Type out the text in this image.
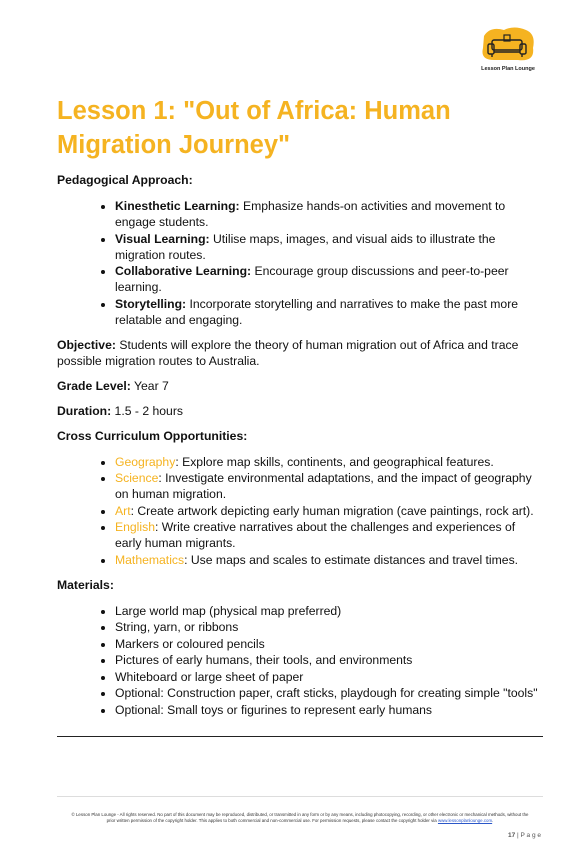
Lesson Plan Lounge
Lesson 1: "Out of Africa: Human Migration Journey"

Pedagogical Approach:

• Kinesthetic Learning: Emphasize hands-on activities and movement to engage students.
• Visual Learning: Utilise maps, images, and visual aids to illustrate the migration routes.
• Collaborative Learning: Encourage group discussions and peer-to-peer learning.
• Storytelling: Incorporate storytelling and narratives to make the past more relatable and engaging.

Objective: Students will explore the theory of human migration out of Africa and trace possible migration routes to Australia.

Grade Level: Year 7

Duration: 1.5 - 2 hours

Cross Curriculum Opportunities:

• Geography: Explore map skills, continents, and geographical features.
• Science: Investigate environmental adaptations, and the impact of geography on human migration.
• Art: Create artwork depicting early human migration (cave paintings, rock art).
• English: Write creative narratives about the challenges and experiences of early human migrants.
• Mathematics: Use maps and scales to estimate distances and travel times.

Materials:

• Large world map (physical map preferred)
• String, yarn, or ribbons
• Markers or coloured pencils
• Pictures of early humans, their tools, and environments
• Whiteboard or large sheet of paper
• Optional: Construction paper, craft sticks, playdough for creating simple "tools"
• Optional: Small toys or figurines to represent early humans
© Lesson Plan Lounge - All rights reserved. No part of this document may be reproduced, distributed, or transmitted in any form or by any means, including photocopying, recording, or other electronic or mechanical methods, without the prior written permission of the copyright holder. This applies to both commercial and non-commercial use. For permission requests, please contact the copyright holder via www.lessonplanlounge.com.
17 | P a g e
